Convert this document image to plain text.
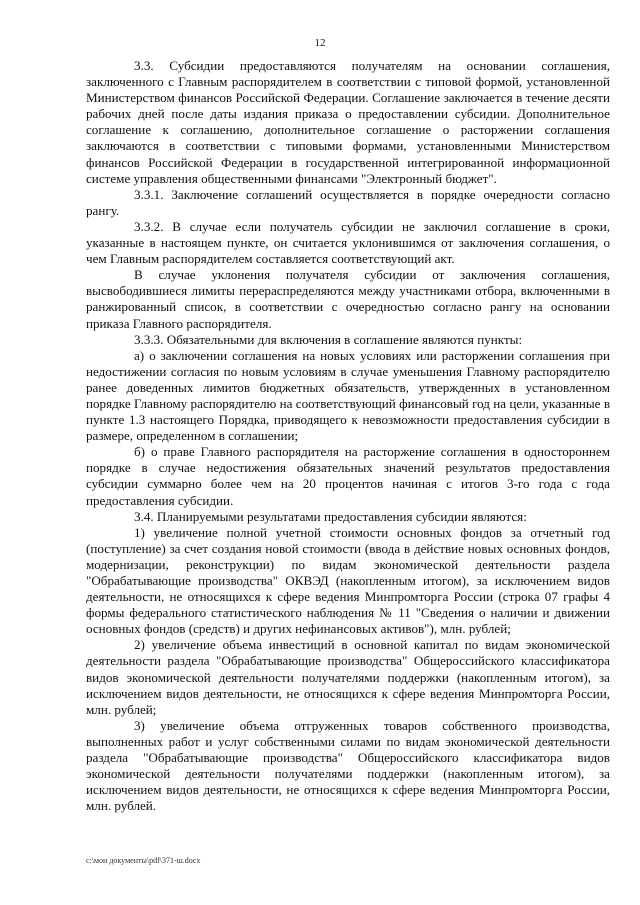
12

3.3. Субсидии предоставляются получателям на основании соглашения, заключенного с Главным распорядителем в соответствии с типовой формой, установленной Министерством финансов Российской Федерации. Соглашение заключается в течение десяти рабочих дней после даты издания приказа о предоставлении субсидии. Дополнительное соглашение к соглашению, дополнительное соглашение о расторжении соглашения заключаются в соответствии с типовыми формами, установленными Министерством финансов Российской Федерации в государственной интегрированной информационной системе управления общественными финансами "Электронный бюджет".

3.3.1. Заключение соглашений осуществляется в порядке очередности согласно рангу.

3.3.2. В случае если получатель субсидии не заключил соглашение в сроки, указанные в настоящем пункте, он считается уклонившимся от заключения соглашения, о чем Главным распорядителем составляется соответствующий акт.

В случае уклонения получателя субсидии от заключения соглашения, высвободившиеся лимиты перераспределяются между участниками отбора, включенными в ранжированный список, в соответствии с очередностью согласно рангу на основании приказа Главного распорядителя.

3.3.3. Обязательными для включения в соглашение являются пункты:

а) о заключении соглашения на новых условиях или расторжении соглашения при недостижении согласия по новым условиям в случае уменьшения Главному распорядителю ранее доведенных лимитов бюджетных обязательств, утвержденных в установленном порядке Главному распорядителю на соответствующий финансовый год на цели, указанные в пункте 1.3 настоящего Порядка, приводящего к невозможности предоставления субсидии в размере, определенном в соглашении;

б) о праве Главного распорядителя на расторжение соглашения в одностороннем порядке в случае недостижения обязательных значений результатов предоставления субсидии суммарно более чем на 20 процентов начиная с итогов 3-го года с года предоставления субсидии.

3.4. Планируемыми результатами предоставления субсидии являются:

1) увеличение полной учетной стоимости основных фондов за отчетный год (поступление) за счет создания новой стоимости (ввода в действие новых основных фондов, модернизации, реконструкции) по видам экономической деятельности раздела "Обрабатывающие производства" ОКВЭД (накопленным итогом), за исключением видов деятельности, не относящихся к сфере ведения Минпромторга России (строка 07 графы 4 формы федерального статистического наблюдения № 11 "Сведения о наличии и движении основных фондов (средств) и других нефинансовых активов"), млн. рублей;

2) увеличение объема инвестиций в основной капитал по видам экономической деятельности раздела "Обрабатывающие производства" Общероссийского классификатора видов экономической деятельности получателями поддержки (накопленным итогом), за исключением видов деятельности, не относящихся к сфере ведения Минпромторга России, млн. рублей;

3) увеличение объема отгруженных товаров собственного производства, выполненных работ и услуг собственными силами по видам экономической деятельности раздела "Обрабатывающие производства" Общероссийского классификатора видов экономической деятельности получателями поддержки (накопленным итогом), за исключением видов деятельности, не относящихся к сфере ведения Минпромторга России, млн. рублей.

c:\мои документы\pdf\371-ш.docx
